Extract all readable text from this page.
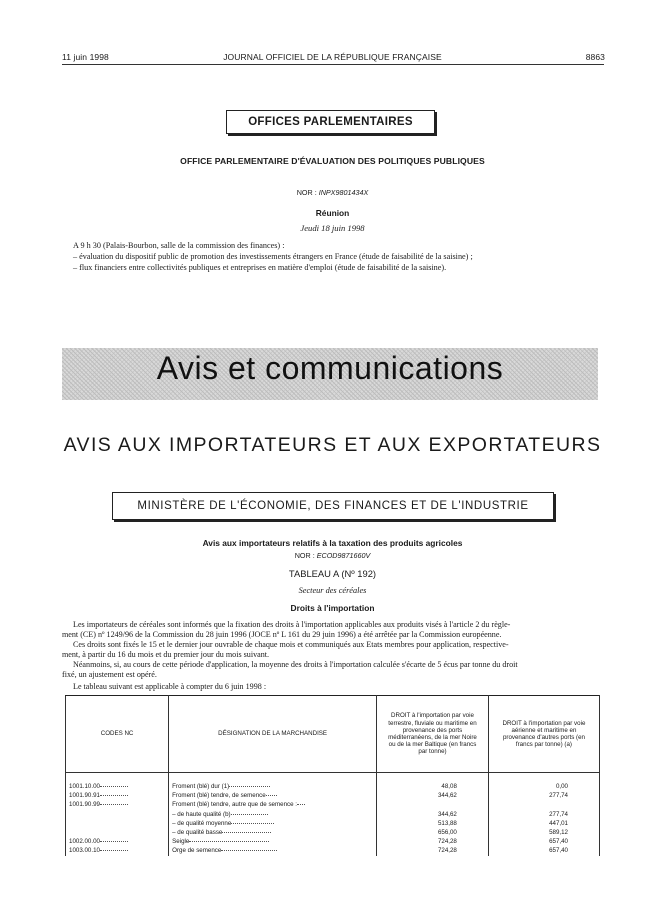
11 juin 1998	JOURNAL OFFICIEL DE LA RÉPUBLIQUE FRANÇAISE	8863
OFFICES PARLEMENTAIRES
OFFICE PARLEMENTAIRE D'ÉVALUATION DES POLITIQUES PUBLIQUES
NOR : INPX9801434X
Réunion
Jeudi 18 juin 1998
A 9 h 30 (Palais-Bourbon, salle de la commission des finances) :
– évaluation du dispositif public de promotion des investissements étrangers en France (étude de faisabilité de la saisine) ;
– flux financiers entre collectivités publiques et entreprises en matière d'emploi (étude de faisabilité de la saisine).
Avis et communications
AVIS AUX IMPORTATEURS ET AUX EXPORTATEURS
MINISTÈRE DE L'ÉCONOMIE, DES FINANCES ET DE L'INDUSTRIE
Avis aux importateurs relatifs à la taxation des produits agricoles
NOR : ECOD9871660V
TABLEAU A (Nº 192)
Secteur des céréales
Droits à l'importation
Les importateurs de céréales sont informés que la fixation des droits à l'importation applicables aux produits visés à l'article 2 du règle-
ment (CE) nº 1249/96 de la Commission du 28 juin 1996 (JOCE nº L 161 du 29 juin 1996) a été arrêtée par la Commission européenne.
Ces droits sont fixés le 15 et le dernier jour ouvrable de chaque mois et communiqués aux Etats membres pour application, respective-
ment, à partir du 16 du mois et du premier jour du mois suivant.
Néanmoins, si, au cours de cette période d'application, la moyenne des droits à l'importation calculée s'écarte de 5 écus par tonne du droit
fixé, un ajustement est opéré.
Le tableau suivant est applicable à compter du 6 juin 1998 :
CODES NC	DÉSIGNATION DE LA MARCHANDISE	DROIT à l'importation par voie terrestre, fluviale ou maritime en provenance des ports méditerranéens, de la mer Noire ou de la mer Baltique (en francs par tonne)	DROIT à l'importation par voie aérienne et maritime en provenance d'autres ports (en francs par tonne) (a)

1001.10.00	Froment (blé) dur (1)	48,08	0,00
1001.90.91	Froment (blé) tendre, de semence	344,62	277,74
1001.90.99	Froment (blé) tendre, autre que de semence :		
	– de haute qualité (b)	344,62	277,74
	– de qualité moyenne	513,88	447,01
	– de qualité basse	656,00	589,12
1002.00.00	Seigle	724,28	657,40
1003.00.10	Orge de semence	724,28	657,40
